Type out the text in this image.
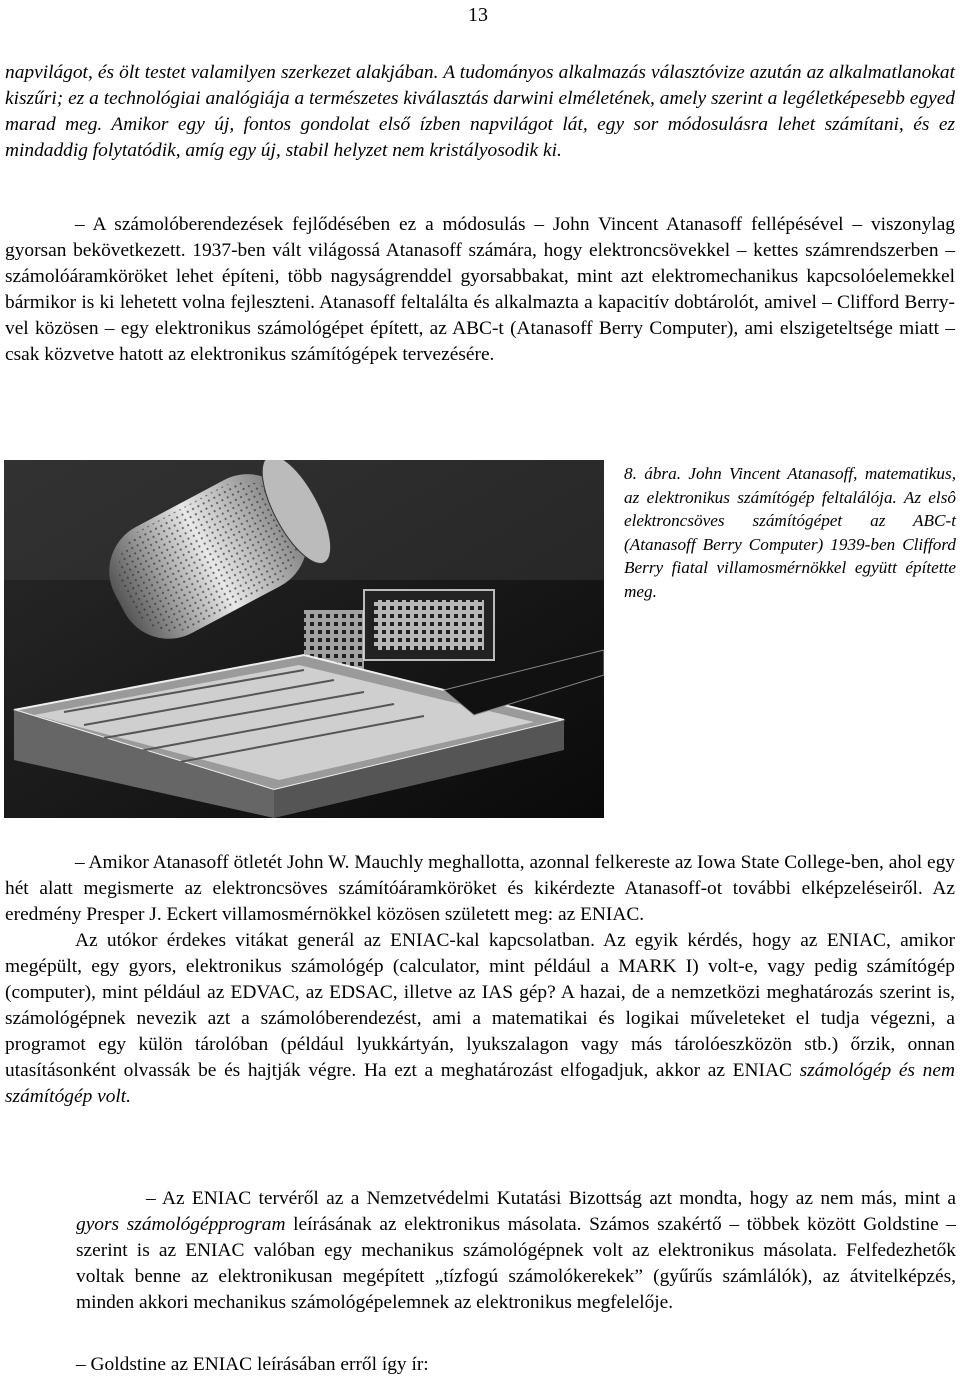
13

napvilágot, és ölt testet valamilyen szerkezet alakjában. A tudományos alkalmazás választóvize azután az alkalmatlanokat kiszűri; ez a technológiai analógiája a természetes kiválasztás darwini elméletének, amely szerint a legéletképesebb egyed marad meg. Amikor egy új, fontos gondolat első ízben napvilágot lát, egy sor módosulásra lehet számítani, és ez mindaddig folytatódik, amíg egy új, stabil helyzet nem kristályosodik ki.

– A számolóberendezések fejlődésében ez a módosulás – John Vincent Atanasoff fellépésével – viszonylag gyorsan bekövetkezett. 1937-ben vált világossá Atanasoff számára, hogy elektroncsövekkel – kettes számrendszerben – számolóáramköröket lehet építeni, több nagyságrenddel gyorsabbakat, mint azt elektromechanikus kapcsolóelemekkel bármikor is ki lehetett volna fejleszteni. Atanasoff feltalálta és alkalmazta a kapacitív dobtárolót, amivel – Clifford Berry-vel közösen – egy elektronikus számológépet épített, az ABC-t (Atanasoff Berry Computer), ami elszigeteltsége miatt – csak közvetve hatott az elektronikus számítógépek tervezésére.

8. ábra. John Vincent Atanasoff, matematikus, az elektronikus számítógép feltalálója. Az elsô elektroncsöves számítógépet az ABC-t (Atanasoff Berry Computer) 1939-ben Clifford Berry fiatal villamosmérnökkel együtt építette meg.

– Amikor Atanasoff ötletét John W. Mauchly meghallotta, azonnal felkereste az Iowa State College-ben, ahol egy hét alatt megismerte az elektroncsöves számítóáramköröket és kikérdezte Atanasoff-ot további elképzeléseiről. Az eredmény Presper J. Eckert villamosmérnökkel közösen született meg: az ENIAC.

Az utókor érdekes vitákat generál az ENIAC-kal kapcsolatban. Az egyik kérdés, hogy az ENIAC, amikor megépült, egy gyors, elektronikus számológép (calculator, mint például a MARK I) volt-e, vagy pedig számítógép (computer), mint például az EDVAC, az EDSAC, illetve az IAS gép? A hazai, de a nemzetközi meghatározás szerint is, számológépnek nevezik azt a számolóberendezést, ami a matematikai és logikai műveleteket el tudja végezni, a programot egy külön tárolóban (például lyukkártyán, lyukszalagon vagy más tárolóeszközön stb.) őrzik, onnan utasításonként olvassák be és hajtják végre. Ha ezt a meghatározást elfogadjuk, akkor az ENIAC számológép és nem számítógép volt.

– Az ENIAC tervéről az a Nemzetvédelmi Kutatási Bizottság azt mondta, hogy az nem más, mint a gyors számológépprogram leírásának az elektronikus másolata. Számos szakértő – többek között Goldstine – szerint is az ENIAC valóban egy mechanikus számológépnek volt az elektronikus másolata. Felfedezhetők voltak benne az elektronikusan megépített „tízfogú számolókerekek” (gyűrűs számlálók), az átvitelképzés, minden akkori mechanikus számológépelemnek az elektronikus megfelelője.

– Goldstine az ENIAC leírásában erről így ír:
